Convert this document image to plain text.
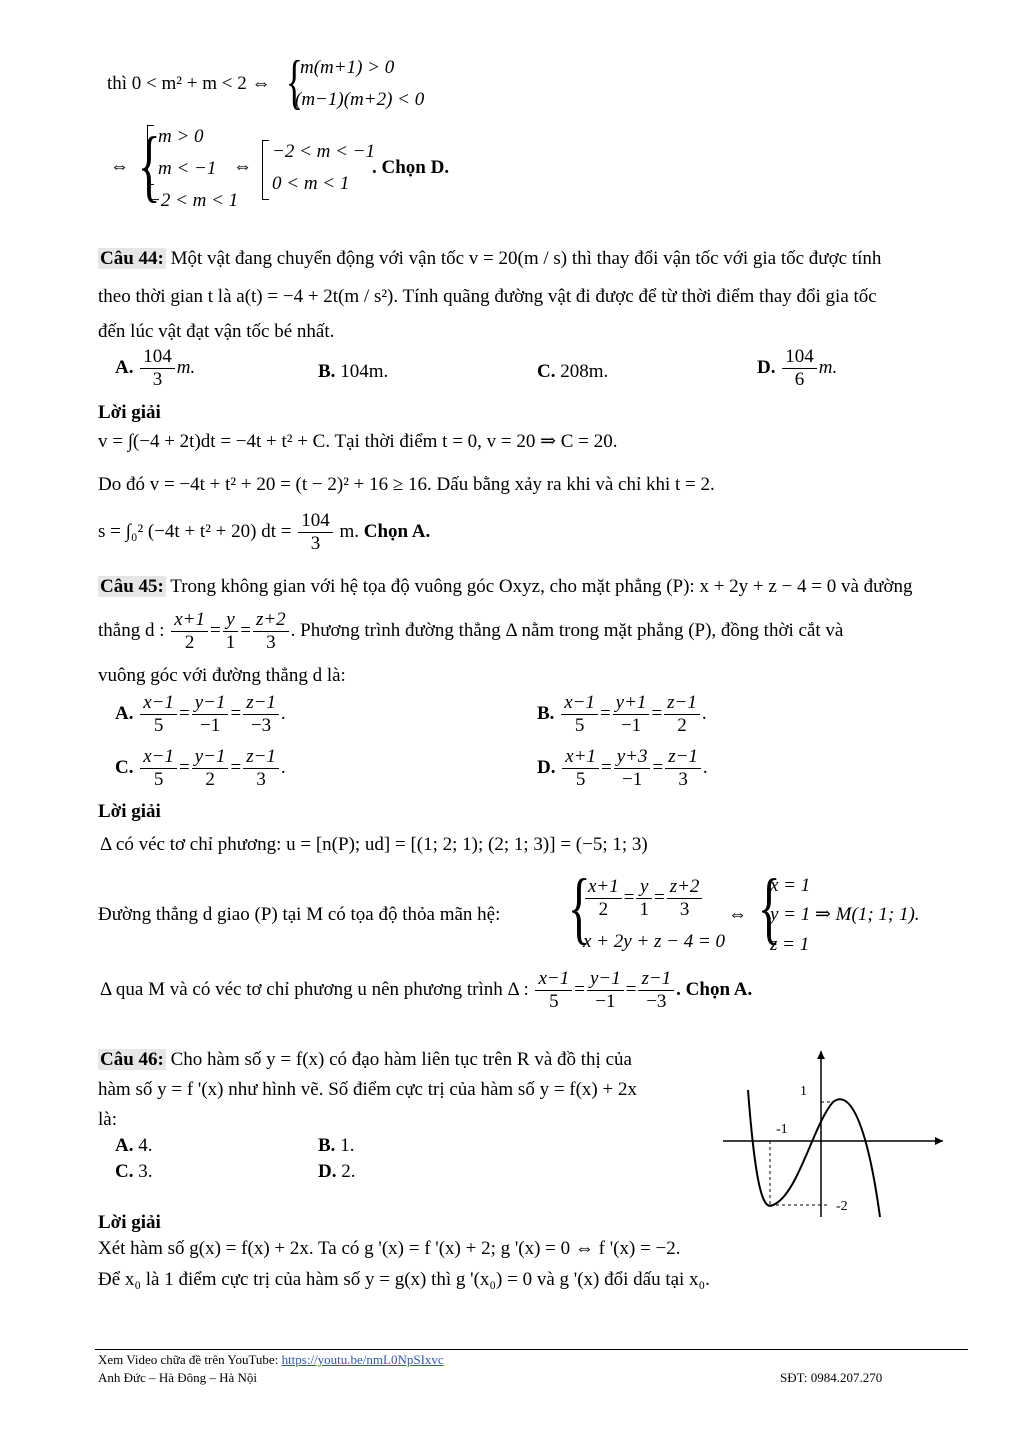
thì 0 < m² + m < 2 ⇔ {
m(m+1) > 0
(m−1)(m+2) < 0
⇔ {
m > 0
m < −1
−2 < m < 1
⇔
−2 < m < −1
0 < m < 1
. Chọn D.
Câu 44: Một vật đang chuyển động với vận tốc v = 20(m / s) thì thay đổi vận tốc với gia tốc được tính
theo thời gian t là a(t) = −4 + 2t(m / s²). Tính quãng đường vật đi được để từ thời điểm thay đổi gia tốc
đến lúc vật đạt vận tốc bé nhất.
A. $\frac{104}{3} m$.	B. 104m.	C. 208m.	D. $\frac{104}{6} m$.
Lời giải
v = ∫(−4 + 2t)dt = −4t + t² + C. Tại thời điểm t = 0, v = 20 ⇒ C = 20.
Do đó v = −4t + t² + 20 = (t − 2)² + 16 ≥ 16. Dấu bằng xảy ra khi và chỉ khi t = 2.
s = ∫₀² (−4t + t² + 20) dt = $\frac{104}{3} m$. Chọn A.
Câu 45: Trong không gian với hệ tọa độ vuông góc Oxyz, cho mặt phẳng (P): x + 2y + z − 4 = 0 và đường
thẳng d : $\frac{x+1}{2} = \frac{y}{1} = \frac{z+2}{3}$ . Phương trình đường thẳng Δ nằm trong mặt phẳng (P), đồng thời cắt và
vuông góc với đường thẳng d là:
A. $\frac{x-1}{5} = \frac{y-1}{-1} = \frac{z-1}{-3}$ .	B. $\frac{x-1}{5} = \frac{y+1}{-1} = \frac{z-1}{2}$ .
C. $\frac{x-1}{5} = \frac{y-1}{2} = \frac{z-1}{3}$ .	D. $\frac{x+1}{5} = \frac{y+3}{-1} = \frac{z-1}{3}$ .
Lời giải
Δ có véc tơ chỉ phương: u = [n(P); ud] = [(1; 2; 1); (2; 1; 3)] = (−5; 1; 3)
Đường thẳng d giao (P) tại M có tọa độ thỏa mãn hệ: {
$\frac{x+1}{2} = \frac{y}{1} = \frac{z+2}{3}$
x + 2y + z − 4 = 0
⇔ {
x = 1
y = 1 ⇒ M(1; 1; 1).
z = 1
Δ qua M và có véc tơ chỉ phương u nên phương trình Δ : $\frac{x-1}{5} = \frac{y-1}{-1} = \frac{z-1}{-3}$ . Chọn A.
Câu 46: Cho hàm số y = f(x) có đạo hàm liên tục trên R và đồ thị của
hàm số y = f '(x) như hình vẽ. Số điểm cực trị của hàm số y = f(x) + 2x
là:
A. 4.	B. 1.
C. 3.	D. 2.
1
-1
-2
Lời giải
Xét hàm số g(x) = f(x) + 2x. Ta có g '(x) = f '(x) + 2; g '(x) = 0 ⇔ f '(x) = −2.
Để x₀ là 1 điểm cực trị của hàm số y = g(x) thì g '(x₀) = 0 và g '(x) đổi dấu tại x₀.
Xem Video chữa đề trên YouTube: https://youtu.be/nmL0NpSIxvc
Anh Đức – Hà Đông – Hà Nội	SĐT: 0984.207.270
